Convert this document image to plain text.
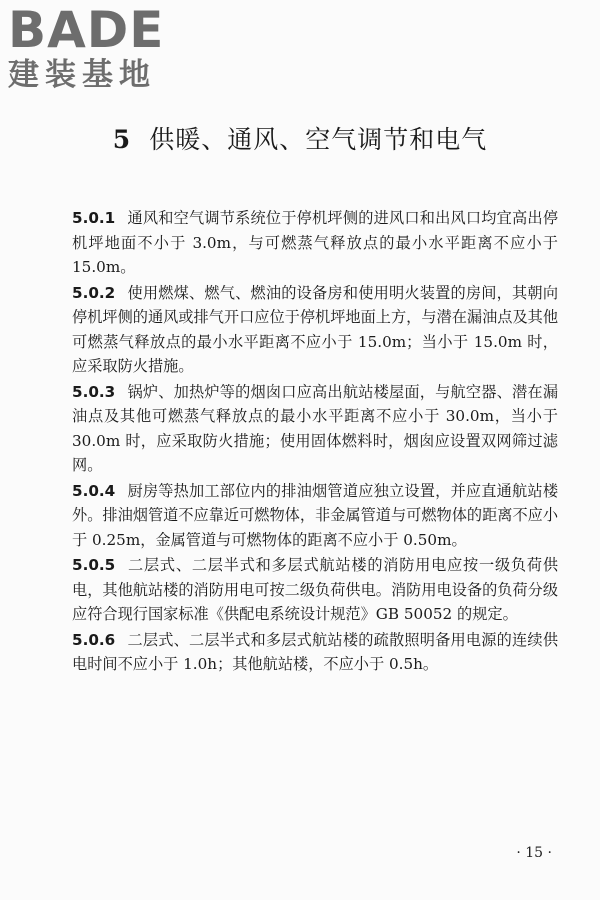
BADE
建装基地
5 供暖、通风、空气调节和电气

5.0.1 通风和空气调节系统位于停机坪侧的进风口和出风口均宜高出停机坪地面不小于 3.0m，与可燃蒸气释放点的最小水平距离不应小于 15.0m。

5.0.2 使用燃煤、燃气、燃油的设备房和使用明火装置的房间，其朝向停机坪侧的通风或排气开口应位于停机坪地面上方，与潜在漏油点及其他可燃蒸气释放点的最小水平距离不应小于 15.0m；当小于 15.0m 时，应采取防火措施。

5.0.3 锅炉、加热炉等的烟囱口应高出航站楼屋面，与航空器、潜在漏油点及其他可燃蒸气释放点的最小水平距离不应小于 30.0m，当小于 30.0m 时，应采取防火措施；使用固体燃料时，烟囱应设置双网筛过滤网。

5.0.4 厨房等热加工部位内的排油烟管道应独立设置，并应直通航站楼外。排油烟管道不应靠近可燃物体，非金属管道与可燃物体的距离不应小于 0.25m，金属管道与可燃物体的距离不应小于 0.50m。

5.0.5 二层式、二层半式和多层式航站楼的消防用电应按一级负荷供电，其他航站楼的消防用电可按二级负荷供电。消防用电设备的负荷分级应符合现行国家标准《供配电系统设计规范》GB 50052 的规定。

5.0.6 二层式、二层半式和多层式航站楼的疏散照明备用电源的连续供电时间不应小于 1.0h；其他航站楼，不应小于 0.5h。

· 15 ·
